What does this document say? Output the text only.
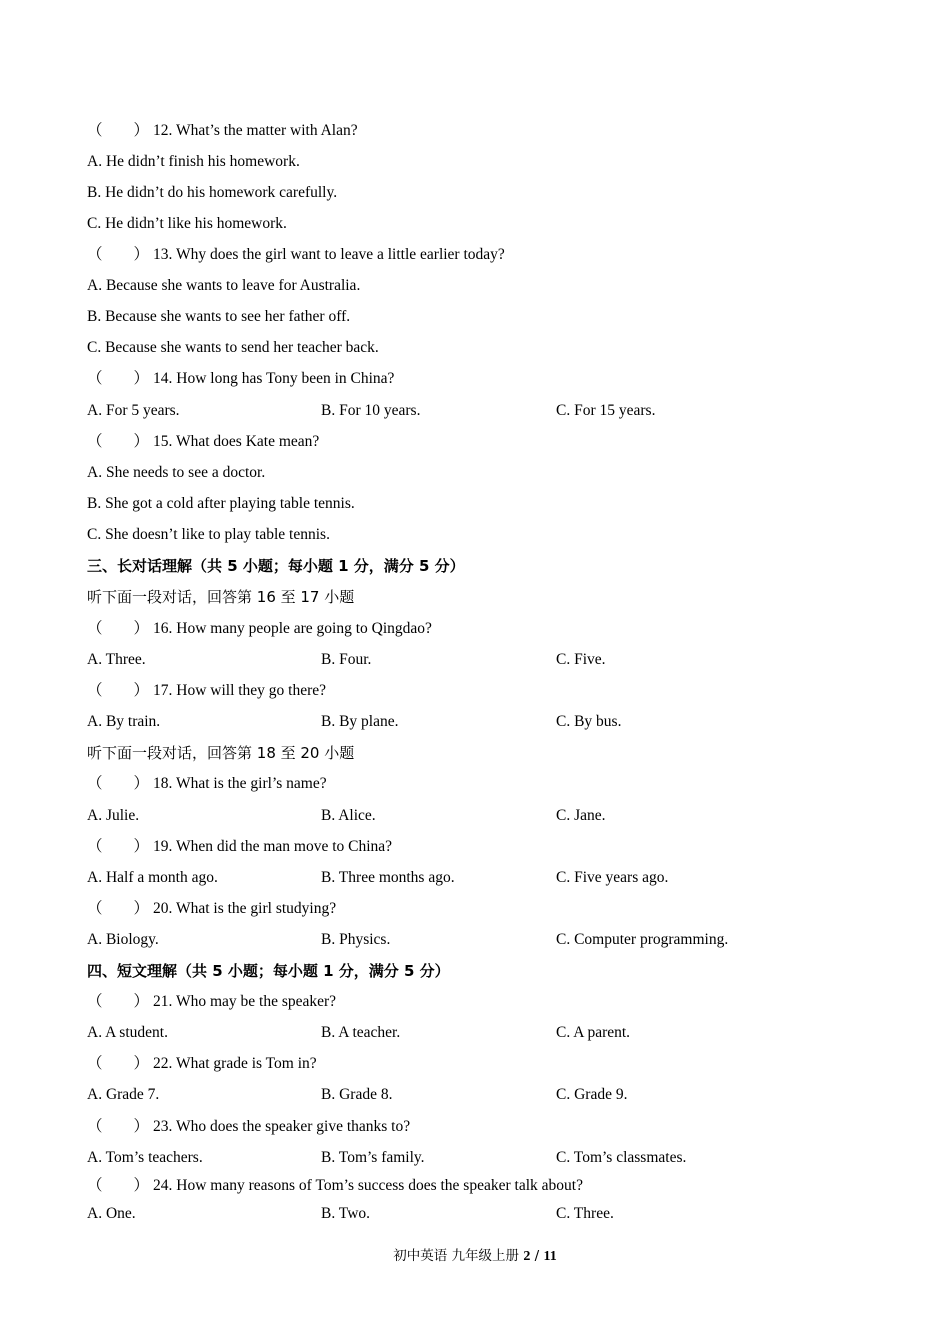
（　　） 12. What’s the matter with Alan?
A. He didn’t finish his homework.
B. He didn’t do his homework carefully.
C. He didn’t like his homework.
（　　） 13. Why does the girl want to leave a little earlier today?
A. Because she wants to leave for Australia.
B. Because she wants to see her father off.
C. Because she wants to send her teacher back.
（　　） 14. How long has Tony been in China?
A. For 5 years.	B. For 10 years.	C. For 15 years.
（　　） 15. What does Kate mean?
A. She needs to see a doctor.
B. She got a cold after playing table tennis.
C. She doesn’t like to play table tennis.
三、长对话理解（共 5 小题；每小题 1 分，满分 5 分）
听下面一段对话，回答第 16 至 17 小题
（　　） 16. How many people are going to Qingdao?
A. Three.	B. Four.	C. Five.
（　　） 17. How will they go there?
A. By train.	B. By plane.	C. By bus.
听下面一段对话，回答第 18 至 20 小题
（　　） 18. What is the girl’s name?
A. Julie.	B. Alice.	C. Jane.
（　　） 19. When did the man move to China?
A. Half a month ago.	B. Three months ago.	C. Five years ago.
（　　） 20. What is the girl studying?
A. Biology.	B. Physics.	C. Computer programming.
四、短文理解（共 5 小题；每小题 1 分，满分 5 分）
（　　） 21. Who may be the speaker?
A. A student.	B. A teacher.	C. A parent.
（　　） 22. What grade is Tom in?
A. Grade 7.	B. Grade 8.	C. Grade 9.
（　　） 23. Who does the speaker give thanks to?
A. Tom’s teachers.	B. Tom’s family.	C. Tom’s classmates.
（　　） 24. How many reasons of Tom’s success does the speaker talk about?
A. One.	B. Two.	C. Three.
初中英语 九年级上册 2 / 11
